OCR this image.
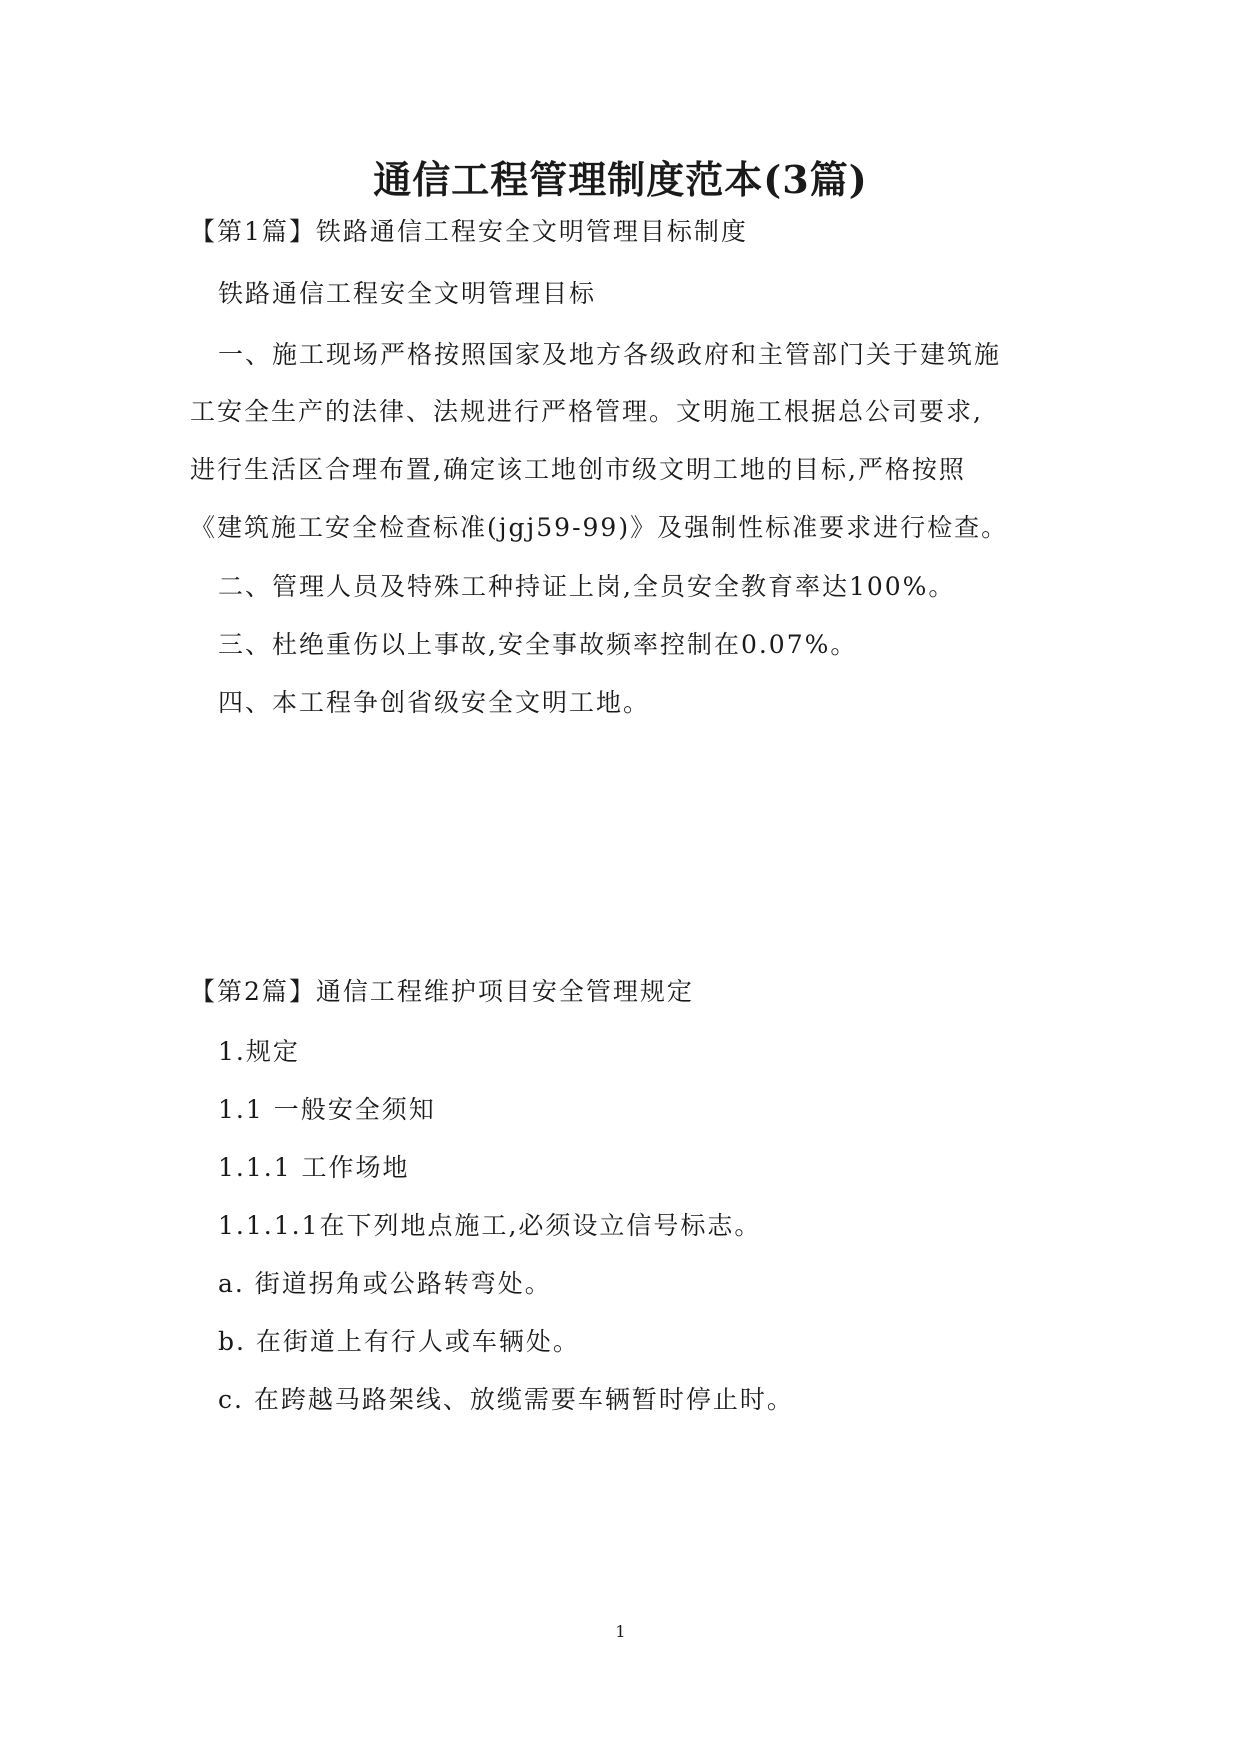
通信工程管理制度范本(3篇)
【第1篇】铁路通信工程安全文明管理目标制度
铁路通信工程安全文明管理目标
一、施工现场严格按照国家及地方各级政府和主管部门关于建筑施
工安全生产的法律、法规进行严格管理。文明施工根据总公司要求,
进行生活区合理布置,确定该工地创市级文明工地的目标,严格按照
《建筑施工安全检查标准(jgj59-99)》及强制性标准要求进行检查。
二、管理人员及特殊工种持证上岗,全员安全教育率达100%。
三、杜绝重伤以上事故,安全事故频率控制在0.07%。
四、本工程争创省级安全文明工地。
【第2篇】通信工程维护项目安全管理规定
1.规定
1.1 一般安全须知
1.1.1 工作场地
1.1.1.1在下列地点施工,必须设立信号标志。
a. 街道拐角或公路转弯处。
b. 在街道上有行人或车辆处。
c. 在跨越马路架线、放缆需要车辆暂时停止时。
1
